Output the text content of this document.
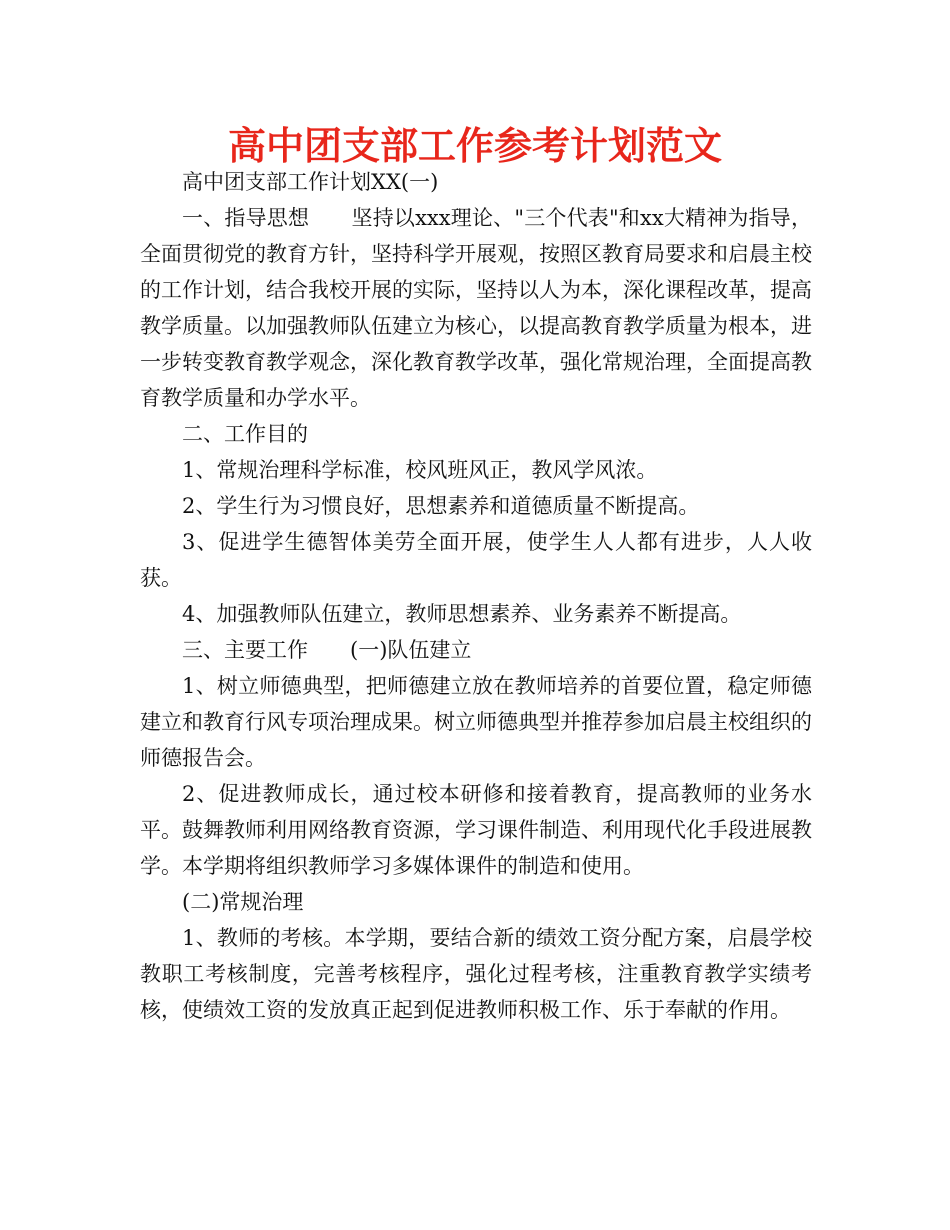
高中团支部工作参考计划范文

高中团支部工作计划XX(一)

一、指导思想　　坚持以xxx理论、"三个代表"和xx大精神为指导，全面贯彻党的教育方针，坚持科学开展观，按照区教育局要求和启晨主校的工作计划，结合我校开展的实际，坚持以人为本，深化课程改革，提高教学质量。以加强教师队伍建立为核心，以提高教育教学质量为根本，进一步转变教育教学观念，深化教育教学改革，强化常规治理，全面提高教育教学质量和办学水平。

二、工作目的

1、常规治理科学标准，校风班风正，教风学风浓。

2、学生行为习惯良好，思想素养和道德质量不断提高。

3、促进学生德智体美劳全面开展，使学生人人都有进步，人人收获。

4、加强教师队伍建立，教师思想素养、业务素养不断提高。

三、主要工作　　(一)队伍建立

1、树立师德典型，把师德建立放在教师培养的首要位置，稳定师德建立和教育行风专项治理成果。树立师德典型并推荐参加启晨主校组织的师德报告会。

2、促进教师成长，通过校本研修和接着教育，提高教师的业务水平。鼓舞教师利用网络教育资源，学习课件制造、利用现代化手段进展教学。本学期将组织教师学习多媒体课件的制造和使用。

(二)常规治理

1、教师的考核。本学期，要结合新的绩效工资分配方案，启晨学校教职工考核制度，完善考核程序，强化过程考核，注重教育教学实绩考核，使绩效工资的发放真正起到促进教师积极工作、乐于奉献的作用。
